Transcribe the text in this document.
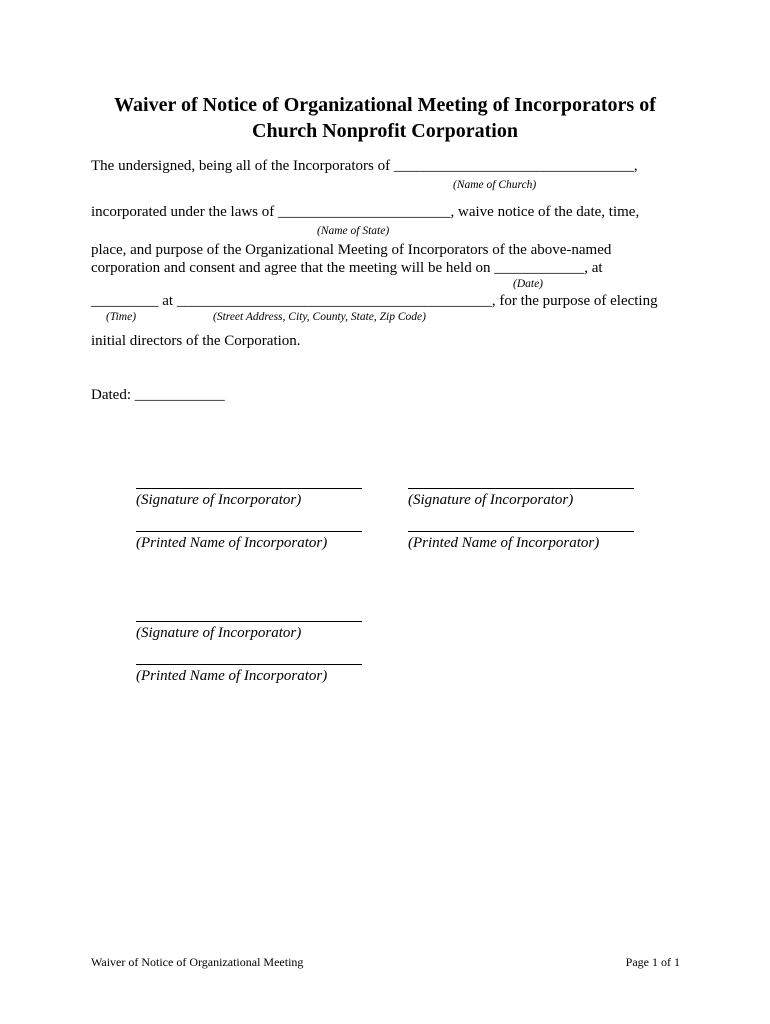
Waiver of Notice of Organizational Meeting of Incorporators of
Church Nonprofit Corporation
The undersigned, being all of the Incorporators of ________________________________,
(Name of Church)
incorporated under the laws of _______________________, waive notice of the date, time,
(Name of State)
place, and purpose of the Organizational Meeting of Incorporators of the above-named
corporation and consent and agree that the meeting will be held on ____________, at
(Date)
_________ at __________________________________________, for the purpose of electing
(Time)	(Street Address, City, County, State, Zip Code)
initial directors of the Corporation.
Dated: ____________
(Signature of Incorporator)
(Printed Name of Incorporator)
(Signature of Incorporator)
(Printed Name of Incorporator)
(Signature of Incorporator)
(Printed Name of Incorporator)
Waiver of Notice of Organizational Meeting	Page 1 of 1
